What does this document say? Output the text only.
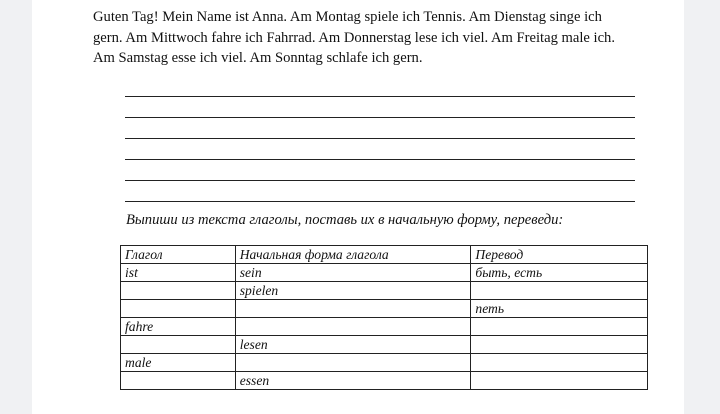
Guten Tag! Mein Name ist Anna. Am Montag spiele ich Tennis. Am Dienstag singe ich gern. Am Mittwoch fahre ich Fahrrad. Am Donnerstag lese ich viel. Am Freitag male ich. Am Samstag esse ich viel. Am Sonntag schlafe ich gern.
Выпиши из текста глаголы, поставь их в начальную форму, переведи:
Глагол	Начальная форма глагола	Перевод
ist	sein	быть, есть
	spielen	
		петь
fahre		
	lesen	
male		
	essen	
